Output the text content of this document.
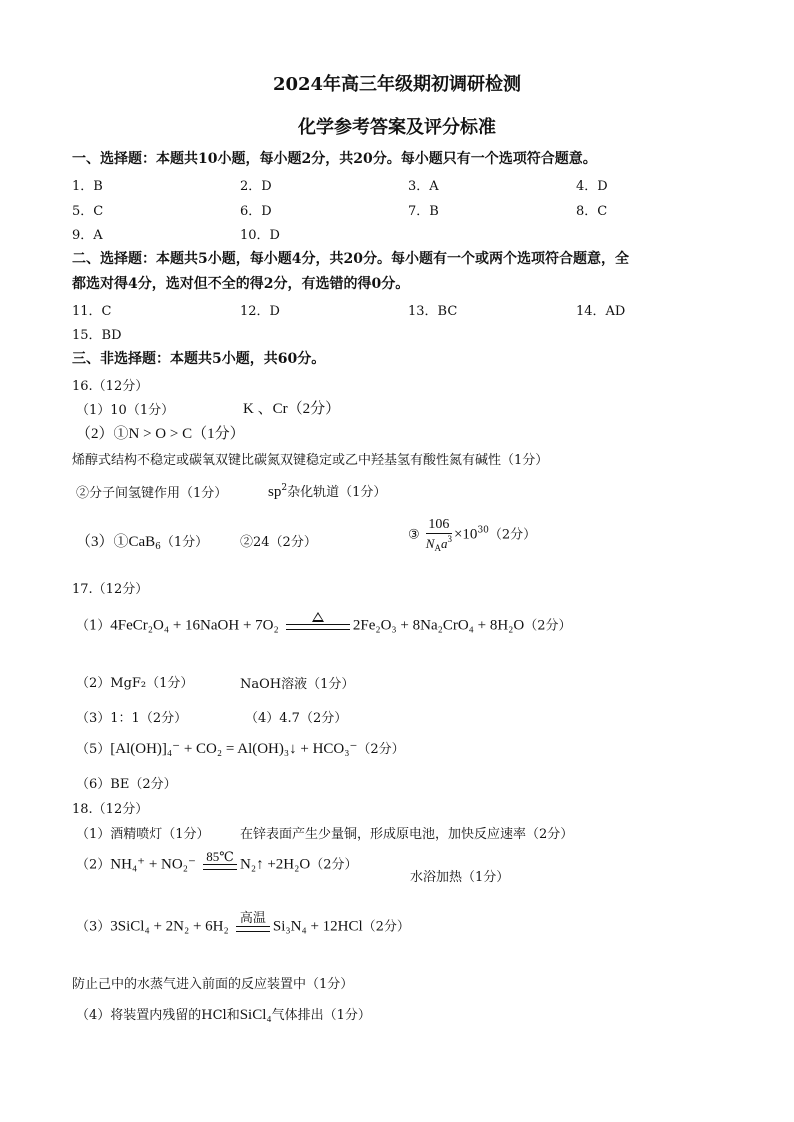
2024年高三年级期初调研检测
化学参考答案及评分标准
一、选择题：本题共10小题，每小题2分，共20分。每小题只有一个选项符合题意。
1．B	2．D	3．A	4．D
5．C	6．D	7．B	8．C
9．A	10．D
二、选择题：本题共5小题，每小题4分，共20分。每小题有一个或两个选项符合题意，全
都选对得4分，选对但不全的得2分，有选错的得0分。
11．C	12．D	13．BC	14．AD
15．BD
三、非选择题：本题共5小题，共60分。
16.（12分）
（1）10（1分）	K 、Cr（2分）
（2）①N > O > C（1分）
烯醇式结构不稳定或碳氧双键比碳氮双键稳定或乙中羟基氢有酸性氮有碱性（1分）
②分子间氢键作用（1分）	$sp^2$杂化轨道（1分）
（3）①CaB$_6$（1分） ②24（2分）	③ $\frac{106}{N_Aa^3} \times 10^{30}(2$分）
17.（12分）
（1）4FeCr₂O₄ + 16NaOH + 7O₂	2Fe₂O₃ + 8Na₂CrO₄ + 8H₂O（2分）
（2）MgF₂（1分）	NaOH溶液（1分）
（3）1：1（2分）	（4）4.7（2分）
（5）[Al(OH)]₄⁻ + CO₂ = Al(OH)₃↓ + HCO₃⁻（2分）
（6）BE（2分）
18.（12分）
（1）酒精喷灯（1分） 在锌表面产生少量铜，形成原电池，加快反应速率（2分）
（2）NH₄⁺ + NO₂⁻ 85℃ N₂↑ +2H₂O（2分）
水浴加热（1分）
（3）3SiCl₄ + 2N₂ + 6H₂ 高温 Si₃N₄ + 12HCl（2分）
防止己中的水蒸气进入前面的反应装置中（1分）
（4）将装置内残留的HCl和SiCl₄气体排出（1分）
